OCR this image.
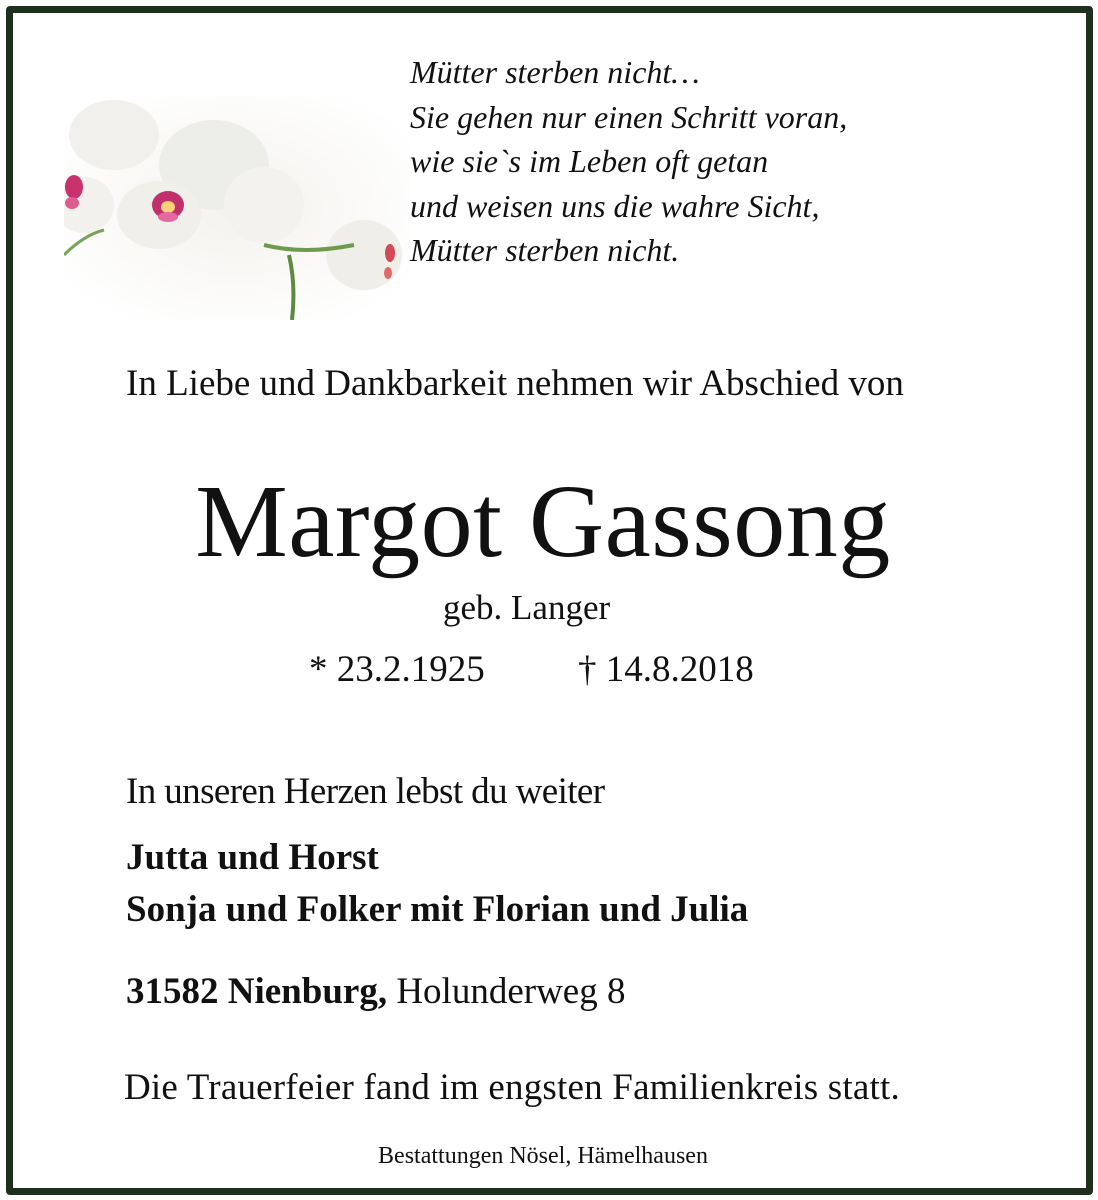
Mütter sterben nicht…
Sie gehen nur einen Schritt voran,
wie sie`s im Leben oft getan
und weisen uns die wahre Sicht,
Mütter sterben nicht.
In Liebe und Dankbarkeit nehmen wir Abschied von
Margot Gassong
geb. Langer
* 23.2.1925	† 14.8.2018
In unseren Herzen lebst du weiter
Jutta und Horst
Sonja und Folker mit Florian und Julia
31582 Nienburg, Holunderweg 8
Die Trauerfeier fand im engsten Familienkreis statt.
Bestattungen Nösel, Hämelhausen
